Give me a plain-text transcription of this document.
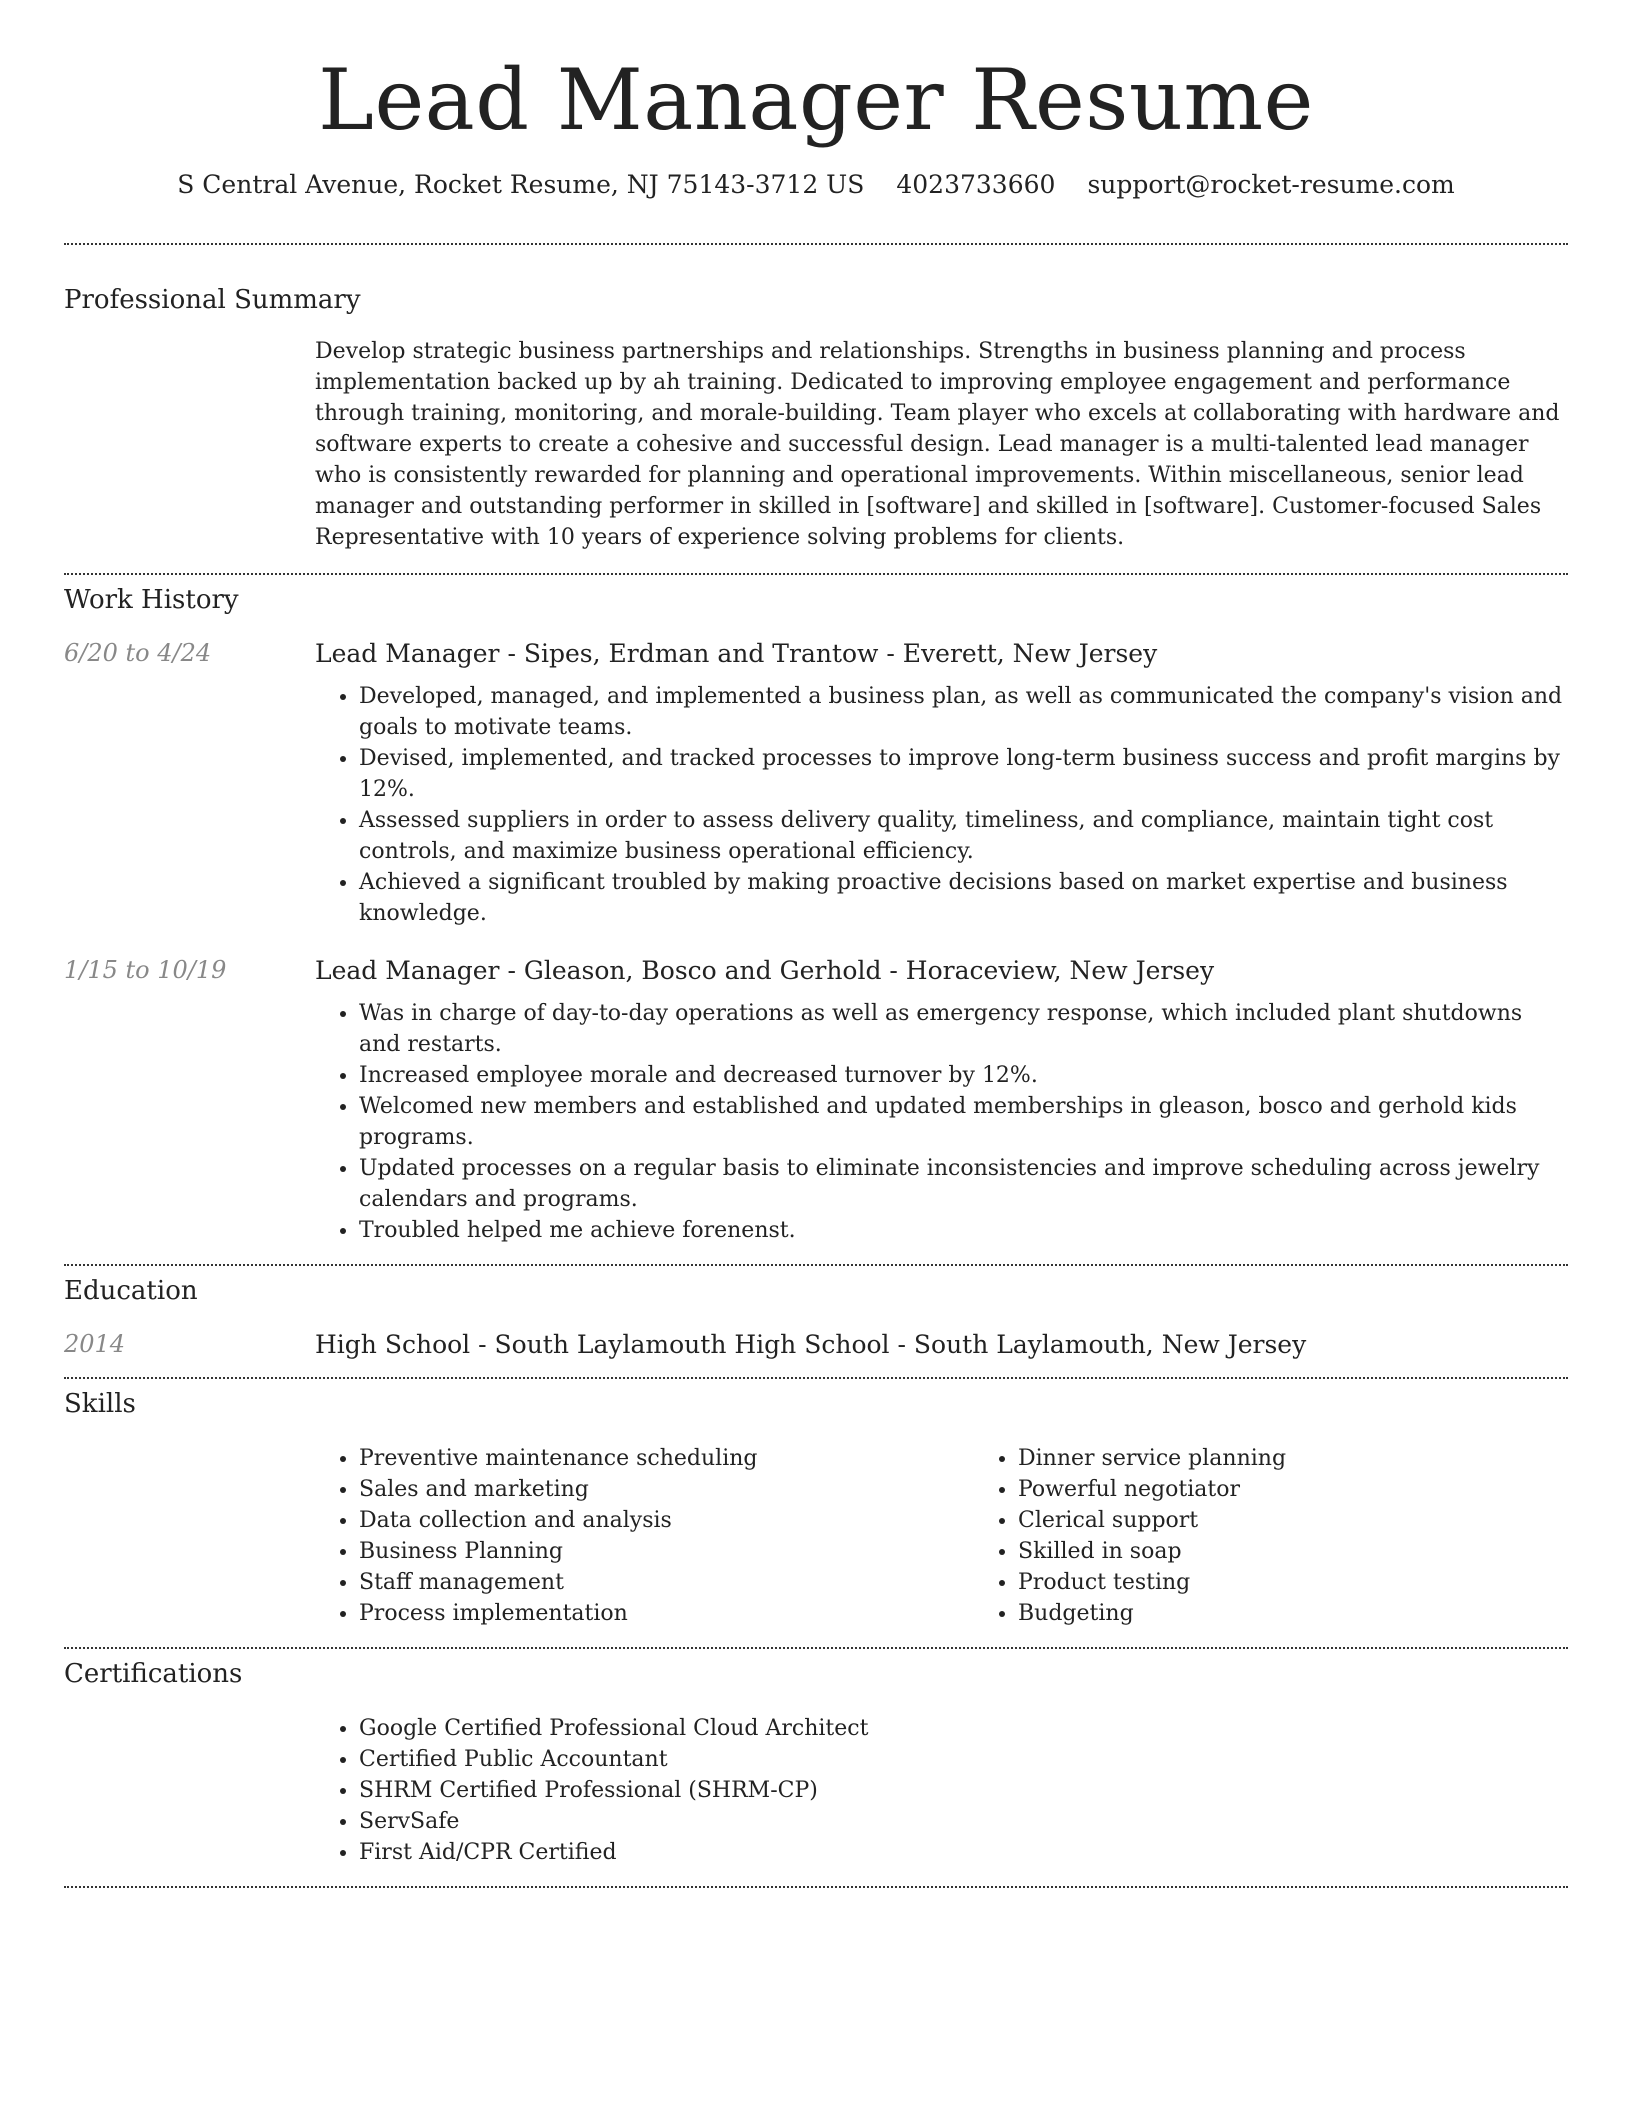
Lead Manager Resume
S Central Avenue, Rocket Resume, NJ 75143-3712 US 4023733660 support@rocket-resume.com
Professional Summary

Develop strategic business partnerships and relationships. Strengths in business planning and process implementation backed up by ah training. Dedicated to improving employee engagement and performance through training, monitoring, and morale-building. Team player who excels at collaborating with hardware and software experts to create a cohesive and successful design. Lead manager is a multi-talented lead manager who is consistently rewarded for planning and operational improvements. Within miscellaneous, senior lead manager and outstanding performer in skilled in [software] and skilled in [software]. Customer-focused Sales Representative with 10 years of experience solving problems for clients.

Work History
6/20 to 4/24	Lead Manager - Sipes, Erdman and Trantow - Everett, New Jersey
• Developed, managed, and implemented a business plan, as well as communicated the company's vision and goals to motivate teams.
• Devised, implemented, and tracked processes to improve long-term business success and profit margins by 12%.
• Assessed suppliers in order to assess delivery quality, timeliness, and compliance, maintain tight cost controls, and maximize business operational efficiency.
• Achieved a significant troubled by making proactive decisions based on market expertise and business knowledge.
1/15 to 10/19	Lead Manager - Gleason, Bosco and Gerhold - Horaceview, New Jersey
• Was in charge of day-to-day operations as well as emergency response, which included plant shutdowns and restarts.
• Increased employee morale and decreased turnover by 12%.
• Welcomed new members and established and updated memberships in gleason, bosco and gerhold kids programs.
• Updated processes on a regular basis to eliminate inconsistencies and improve scheduling across jewelry calendars and programs.
• Troubled helped me achieve forenenst.
Education
2014	High School - South Laylamouth High School - South Laylamouth, New Jersey
Skills
• Preventive maintenance scheduling
• Sales and marketing
• Data collection and analysis
• Business Planning
• Staff management
• Process implementation
• Dinner service planning
• Powerful negotiator
• Clerical support
• Skilled in soap
• Product testing
• Budgeting
Certifications
• Google Certified Professional Cloud Architect
• Certified Public Accountant
• SHRM Certified Professional (SHRM-CP)
• ServSafe
• First Aid/CPR Certified
